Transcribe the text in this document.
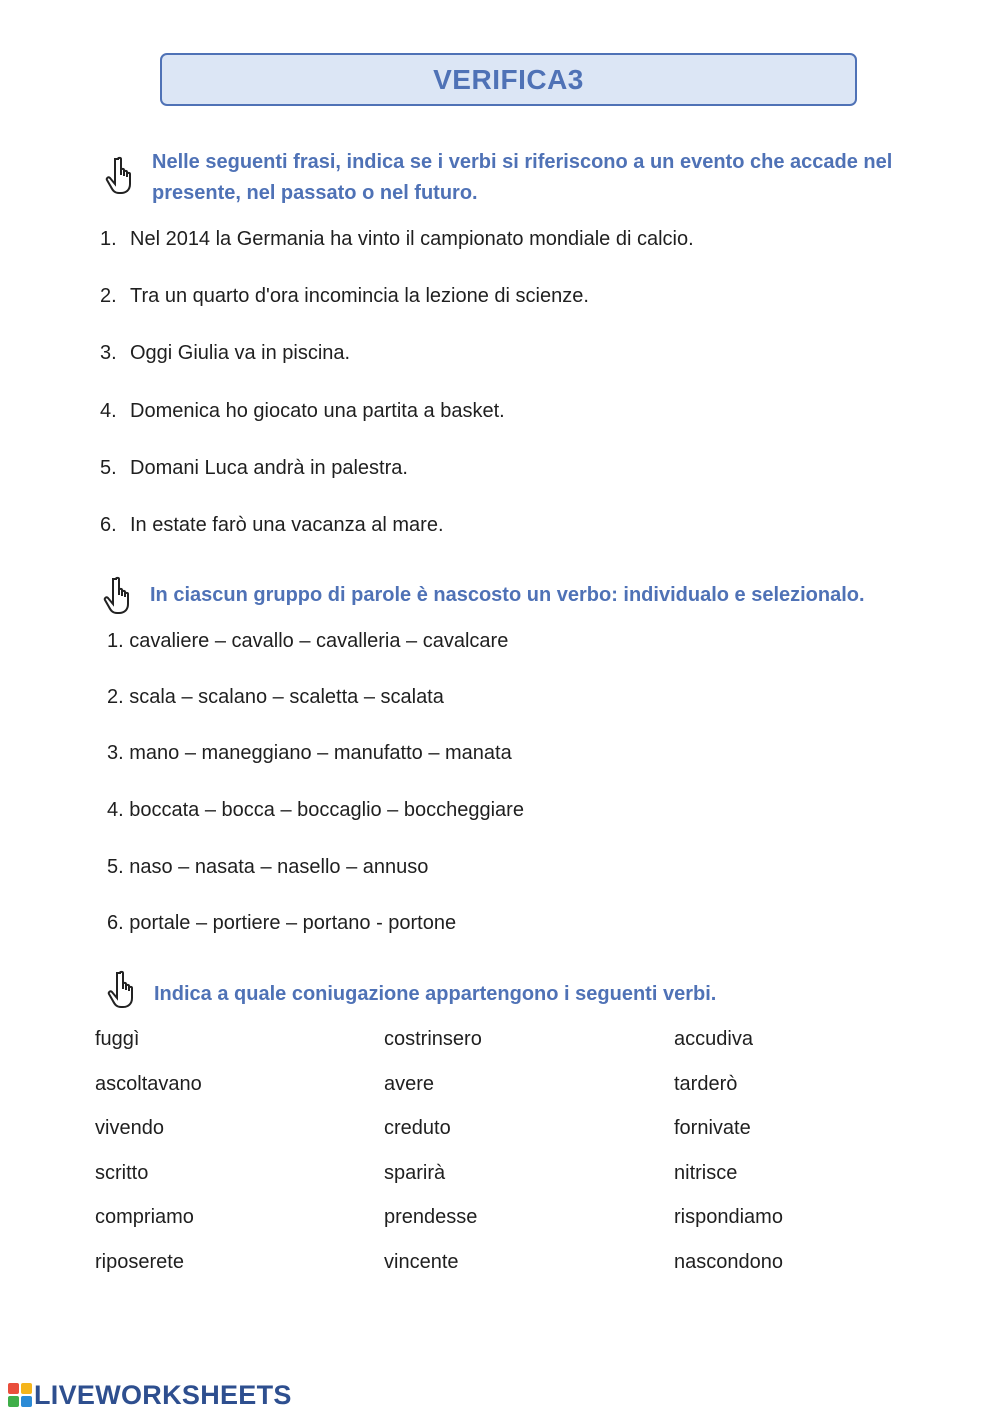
VERIFICA3
Nelle seguenti frasi, indica se i verbi si riferiscono a un evento che accade nel presente, nel passato o nel futuro.
1. Nel 2014 la Germania ha vinto il campionato mondiale di calcio.
2. Tra un quarto d'ora incomincia la lezione di scienze.
3. Oggi Giulia va in piscina.
4. Domenica ho giocato una partita a basket.
5. Domani Luca andrà in palestra.
6. In estate farò una vacanza al mare.
In ciascun gruppo di parole è nascosto un verbo: individualo e selezionalo.
1. cavaliere – cavallo – cavalleria – cavalcare
2. scala – scalano – scaletta – scalata
3. mano – maneggiano – manufatto – manata
4. boccata – bocca – boccaglio – boccheggiare
5. naso – nasata – nasello – annuso
6. portale – portiere – portano - portone
Indica a quale coniugazione appartengono i seguenti verbi.
fuggì
ascoltavano
vivendo
scritto
compriamo
riposerete
costrinsero
avere
creduto
sparirà
prendesse
vincente
accudiva
tarderò
fornivate
nitrisce
rispondiamo
nascondono
LIVEWORKSHEETS
